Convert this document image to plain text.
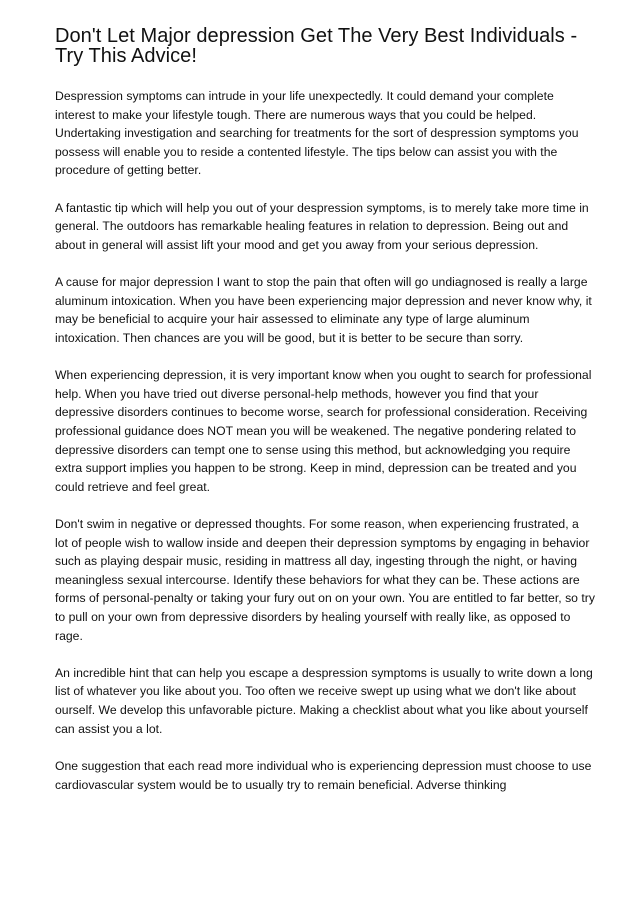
Don't Let Major depression Get The Very Best Individuals - Try This Advice!

Despression symptoms can intrude in your life unexpectedly. It could demand your complete interest to make your lifestyle tough. There are numerous ways that you could be helped. Undertaking investigation and searching for treatments for the sort of despression symptoms you possess will enable you to reside a contented lifestyle. The tips below can assist you with the procedure of getting better.

A fantastic tip which will help you out of your despression symptoms, is to merely take more time in general. The outdoors has remarkable healing features in relation to depression. Being out and about in general will assist lift your mood and get you away from your serious depression.

A cause for major depression I want to stop the pain that often will go undiagnosed is really a large aluminum intoxication. When you have been experiencing major depression and never know why, it may be beneficial to acquire your hair assessed to eliminate any type of large aluminum intoxication. Then chances are you will be good, but it is better to be secure than sorry.

When experiencing depression, it is very important know when you ought to search for professional help. When you have tried out diverse personal-help methods, however you find that your depressive disorders continues to become worse, search for professional consideration. Receiving professional guidance does NOT mean you will be weakened. The negative pondering related to depressive disorders can tempt one to sense using this method, but acknowledging you require extra support implies you happen to be strong. Keep in mind, depression can be treated and you could retrieve and feel great.

Don't swim in negative or depressed thoughts. For some reason, when experiencing frustrated, a lot of people wish to wallow inside and deepen their depression symptoms by engaging in behavior such as playing despair music, residing in mattress all day, ingesting through the night, or having meaningless sexual intercourse. Identify these behaviors for what they can be. These actions are forms of personal-penalty or taking your fury out on on your own. You are entitled to far better, so try to pull on your own from depressive disorders by healing yourself with really like, as opposed to rage.

An incredible hint that can help you escape a despression symptoms is usually to write down a long list of whatever you like about you. Too often we receive swept up using what we don't like about ourself. We develop this unfavorable picture. Making a checklist about what you like about yourself can assist you a lot.

One suggestion that each read more individual who is experiencing depression must choose to use cardiovascular system would be to usually try to remain beneficial. Adverse thinking
